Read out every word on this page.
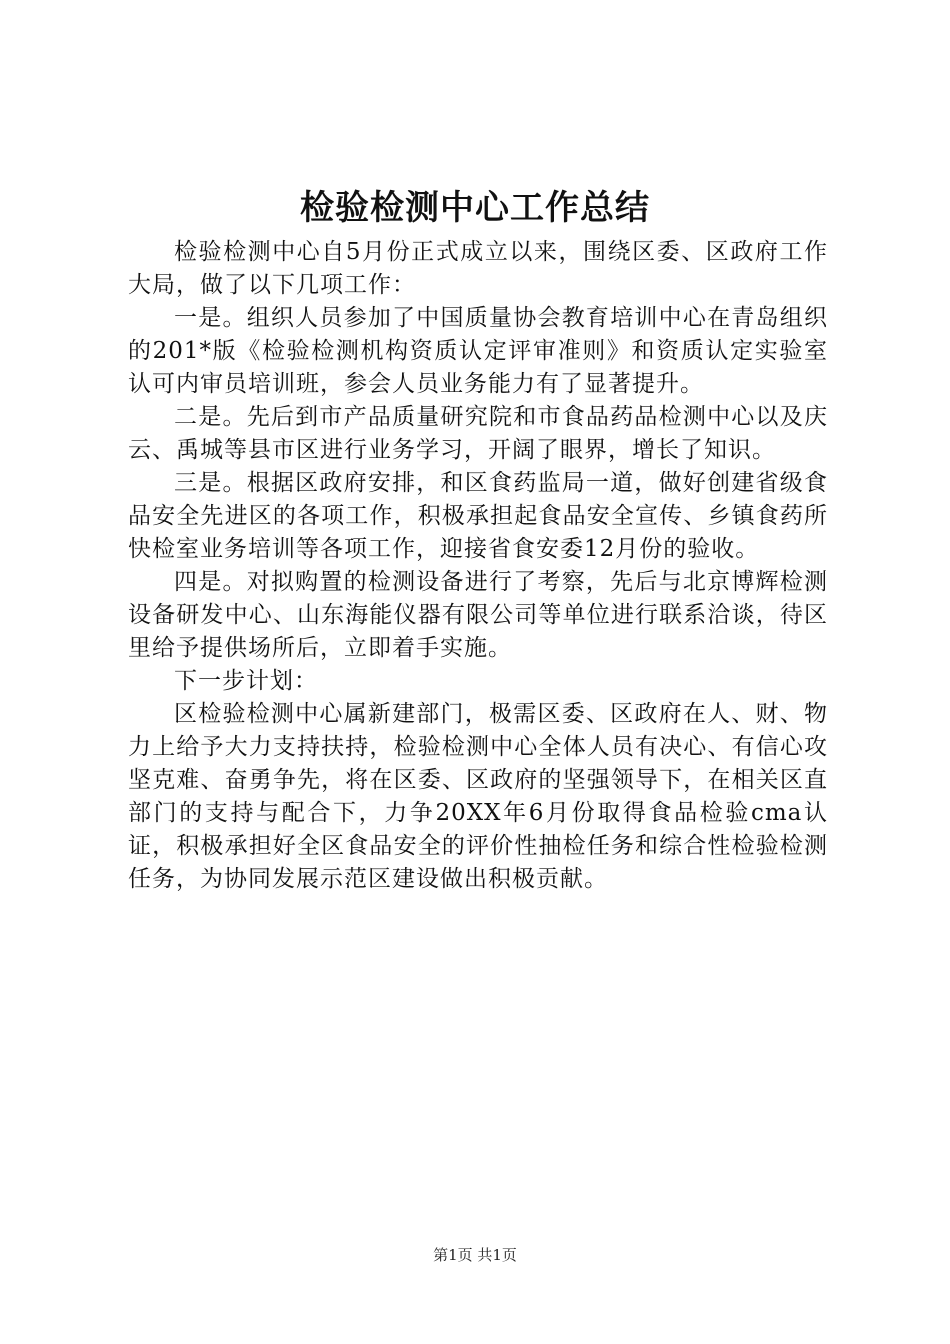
检验检测中心工作总结

检验检测中心自5月份正式成立以来，围绕区委、区政府工作大局，做了以下几项工作：

一是。组织人员参加了中国质量协会教育培训中心在青岛组织的201*版《检验检测机构资质认定评审准则》和资质认定实验室认可内审员培训班，参会人员业务能力有了显著提升。

二是。先后到市产品质量研究院和市食品药品检测中心以及庆云、禹城等县市区进行业务学习，开阔了眼界，增长了知识。

三是。根据区政府安排，和区食药监局一道，做好创建省级食品安全先进区的各项工作，积极承担起食品安全宣传、乡镇食药所快检室业务培训等各项工作，迎接省食安委12月份的验收。

四是。对拟购置的检测设备进行了考察，先后与北京博辉检测设备研发中心、山东海能仪器有限公司等单位进行联系洽谈，待区里给予提供场所后，立即着手实施。

下一步计划：

区检验检测中心属新建部门，极需区委、区政府在人、财、物力上给予大力支持扶持，检验检测中心全体人员有决心、有信心攻坚克难、奋勇争先，将在区委、区政府的坚强领导下，在相关区直部门的支持与配合下，力争20XX年6月份取得食品检验cma认证，积极承担好全区食品安全的评价性抽检任务和综合性检验检测任务，为协同发展示范区建设做出积极贡献。

第1页 共1页
